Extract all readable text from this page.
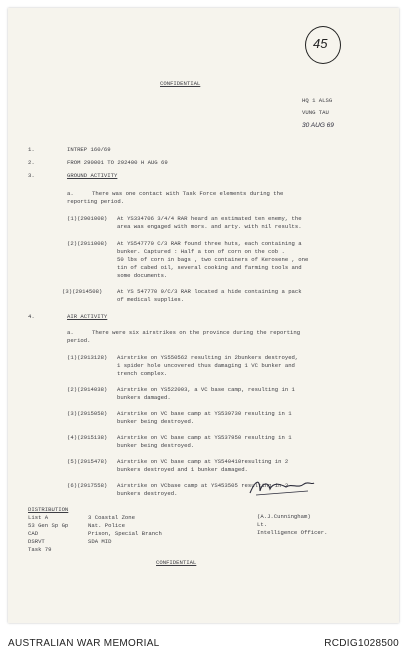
45
CONFIDENTIAL
HQ 1 ALSG
VUNG TAU
30 AUG 69
1.	INTREP 160/69
2.	FROM 290001 TO 292400 H AUG 69
3.	GROUND ACTIVITY
a.	There was one contact with Task Force elements during the
reporting period.
(1)(2901008) At YS334706 3/4/4 RAR heard an estimated ten enemy, the
area was engaged with mors. and arty. with nil results.
(2)(2911008) At YS547770 C/3 RAR found three huts, each containing a
bunker. Captured : Half a ton of corn on the cob .
50 lbs of corn in bags , two containers of Kerosene , one
tin of cabed oil, several cooking and farming tools and
some documents.
(3)(2914508)	At YS 547770 9/C/3 RAR located a hide containing a pack
of medical supplies.
4.	AIR ACTIVITY
a.	There were six airstrikes on the province during the reporting
period.
(1)(2913128) Airstrike on YS550562 resulting in 2bunkers destroyed,
1 spider hole uncovered thus damaging 1 VC bunker and
trench complex.
(2)(2914038) Airstrike on YS522003, a VC base camp, resulting in 1
bunkers damaged.
(3)(2915058) Airstrike on VC base camp at YS539730 resulting in 1
bunker being destroyed.
(4)(2915138) Airstrike on VC base camp at YS537950 resulting in 1
bunker being destroyed.
(5)(2915478) Airstrike on VC base camp at YS540410resulting in 2
bunkers destroyed and 1 bunker damaged.
(6)(2917558) Airstrike on VCbase camp at YS453505 resulting in 3
bunkers destroyed.
DISTRIBUTION
List A
53 Gen Sp Gp
CAD
DSRVT
Task 79
3 Coastal Zone
Nat. Police
Prison, Special Branch
SDA MID
(A.J.Cunningham)
Lt.
Intelligence Officer.
CONFIDENTIAL
AUSTRALIAN WAR MEMORIAL	RCDIG1028500
